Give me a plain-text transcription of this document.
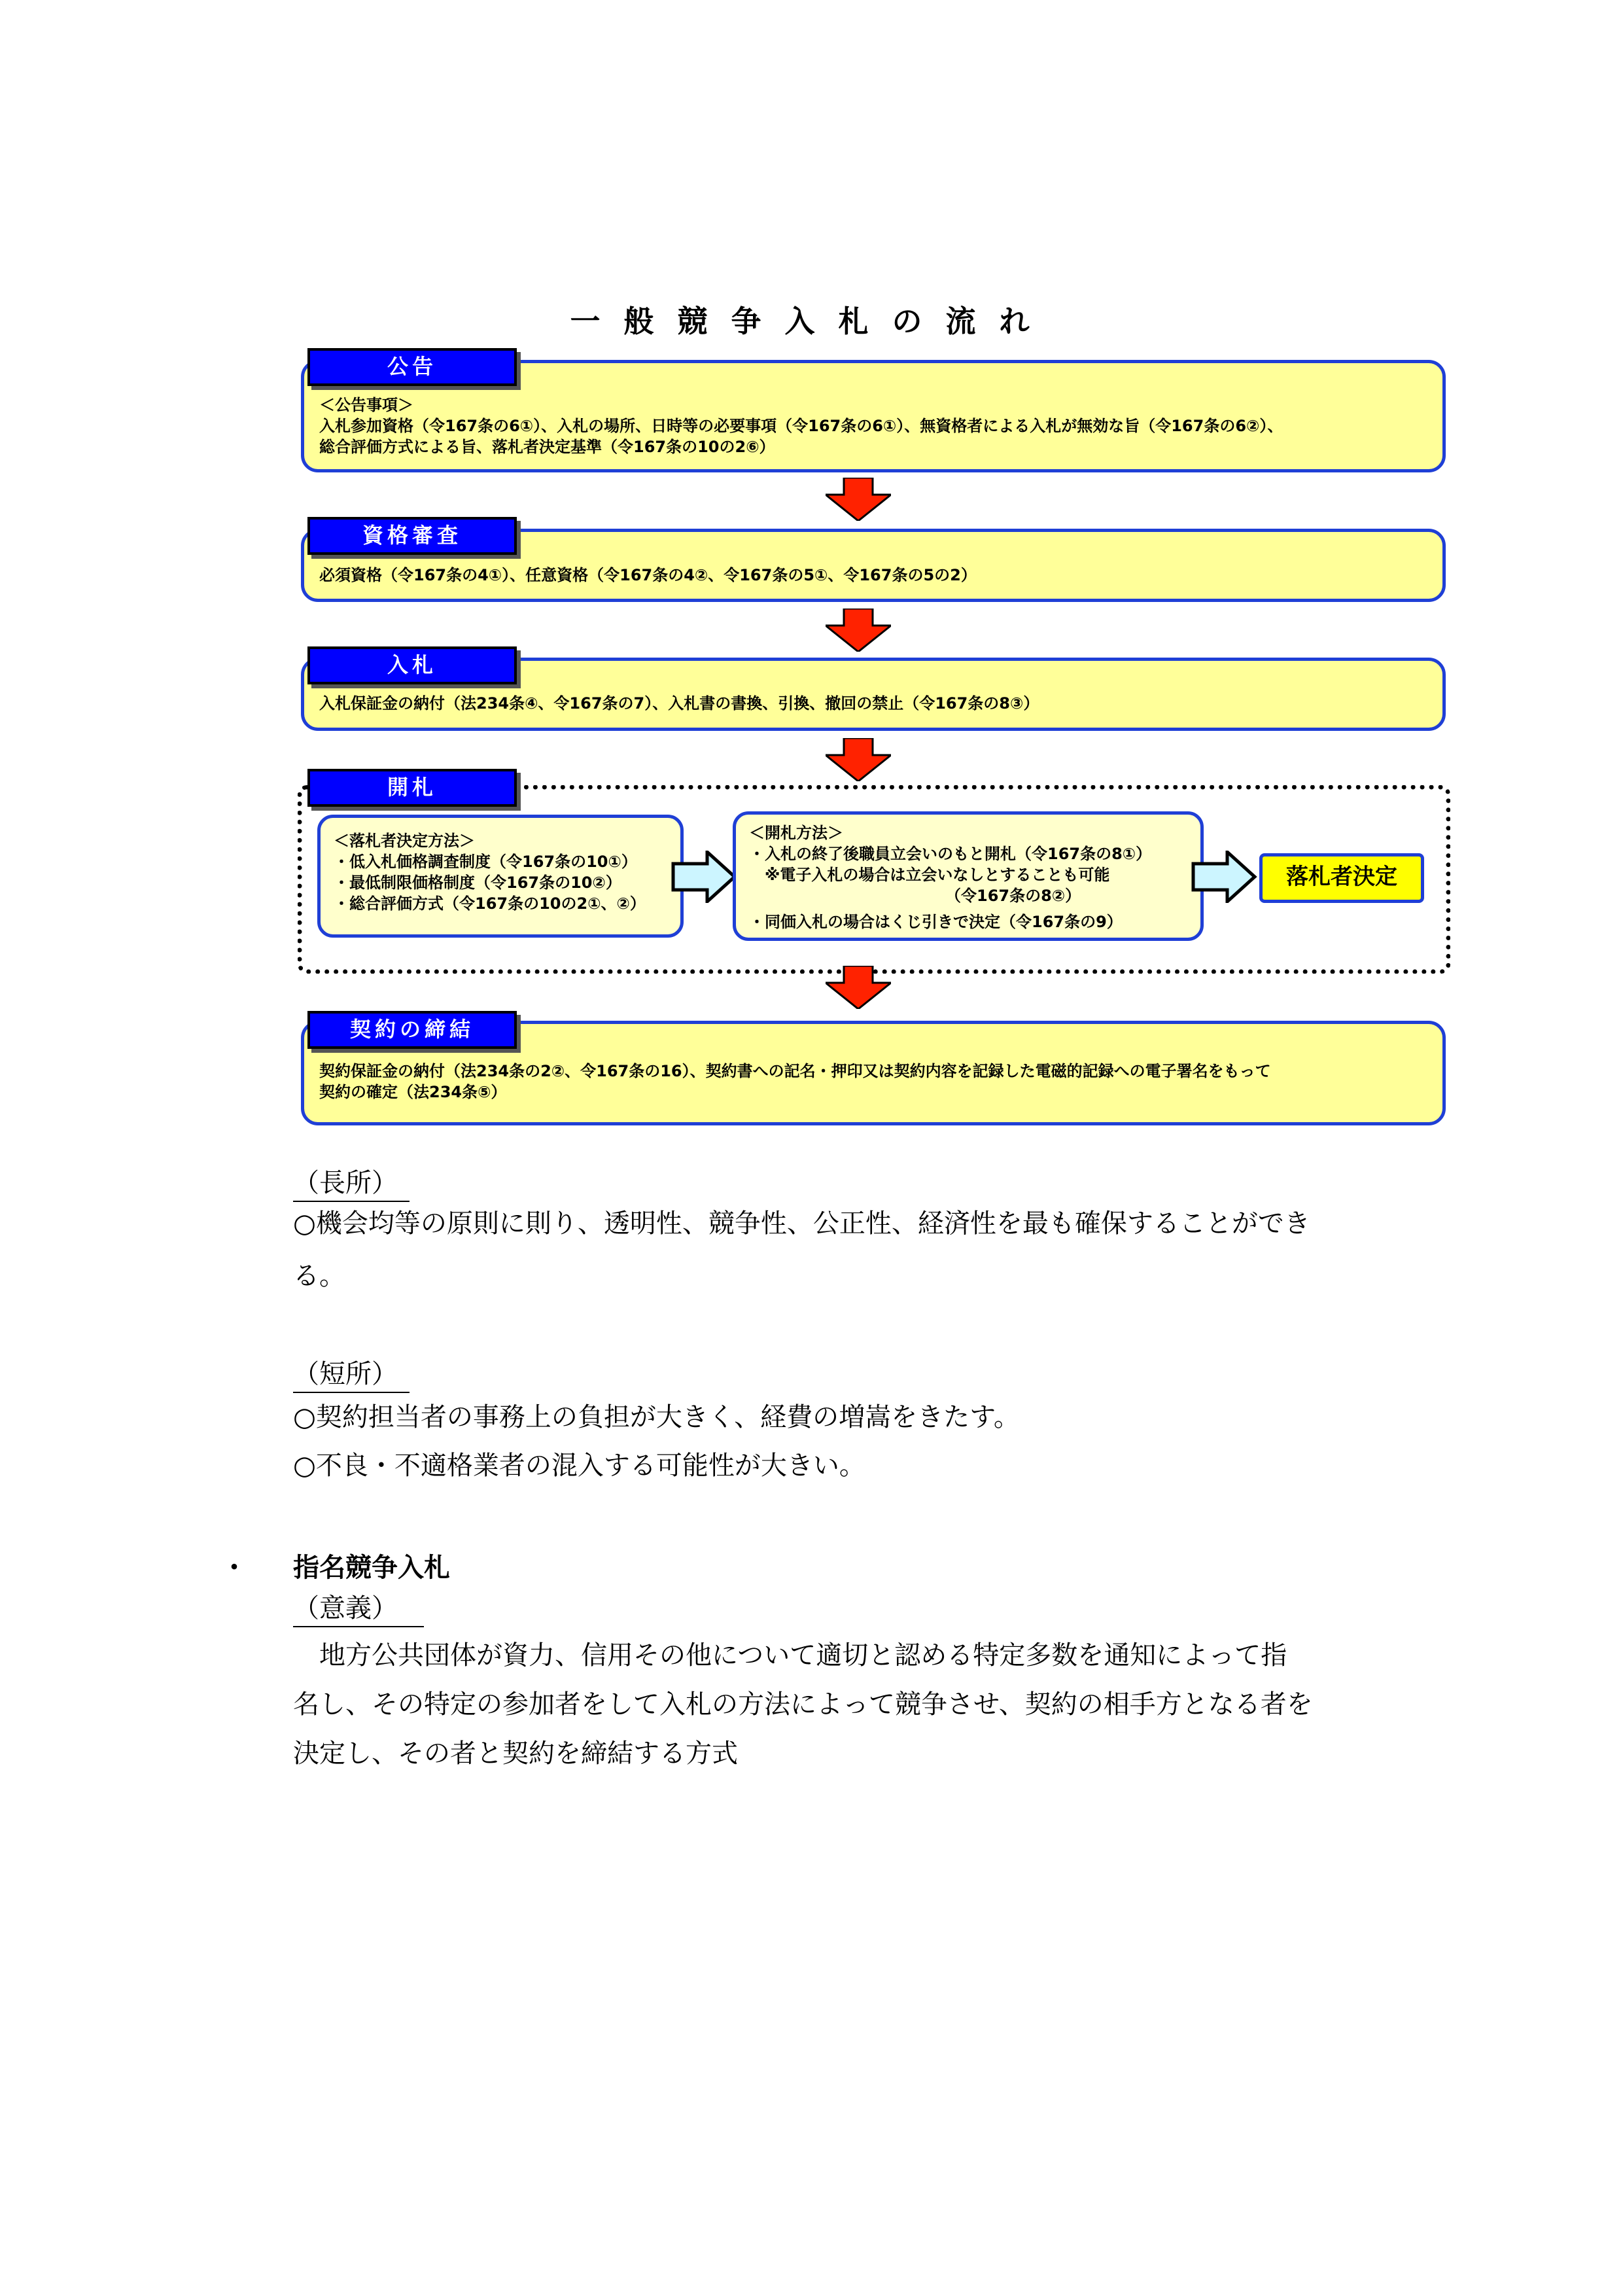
一般競争入札の流れ
公告
＜公告事項＞
入札参加資格（令167条の6①）、入札の場所、日時等の必要事項（令167条の6①）、無資格者による入札が無効な旨（令167条の6②）、
総合評価方式による旨、落札者決定基準（令167条の10の2⑥）
資格審査
必須資格（令167条の4①）、任意資格（令167条の4②、令167条の5①、令167条の5の2）
入札
入札保証金の納付（法234条④、令167条の7）、入札書の書換、引換、撤回の禁止（令167条の8③）
開札
＜落札者決定方法＞
・低入札価格調査制度（令167条の10①）
・最低制限価格制度（令167条の10②）
・総合評価方式（令167条の10の2①、②）
＜開札方法＞
・入札の終了後職員立会いのもと開札（令167条の8①）
　※電子入札の場合は立会いなしとすることも可能
　　　　　　　　　　　　　（令167条の8②）
・同価入札の場合はくじ引きで決定（令167条の9）
落札者決定
契約の締結
契約保証金の納付（法234条の2②、令167条の16）、契約書への記名・押印又は契約内容を記録した電磁的記録への電子署名をもって
契約の確定（法234条⑤）
（長所）
○機会均等の原則に則り、透明性、競争性、公正性、経済性を最も確保することができ
る。
（短所）
○契約担当者の事務上の負担が大きく、経費の増嵩をきたす。
○不良・不適格業者の混入する可能性が大きい。
・ 指名競争入札
（意義）
　地方公共団体が資力、信用その他について適切と認める特定多数を通知によって指
名し、その特定の参加者をして入札の方法によって競争させ、契約の相手方となる者を
決定し、その者と契約を締結する方式
